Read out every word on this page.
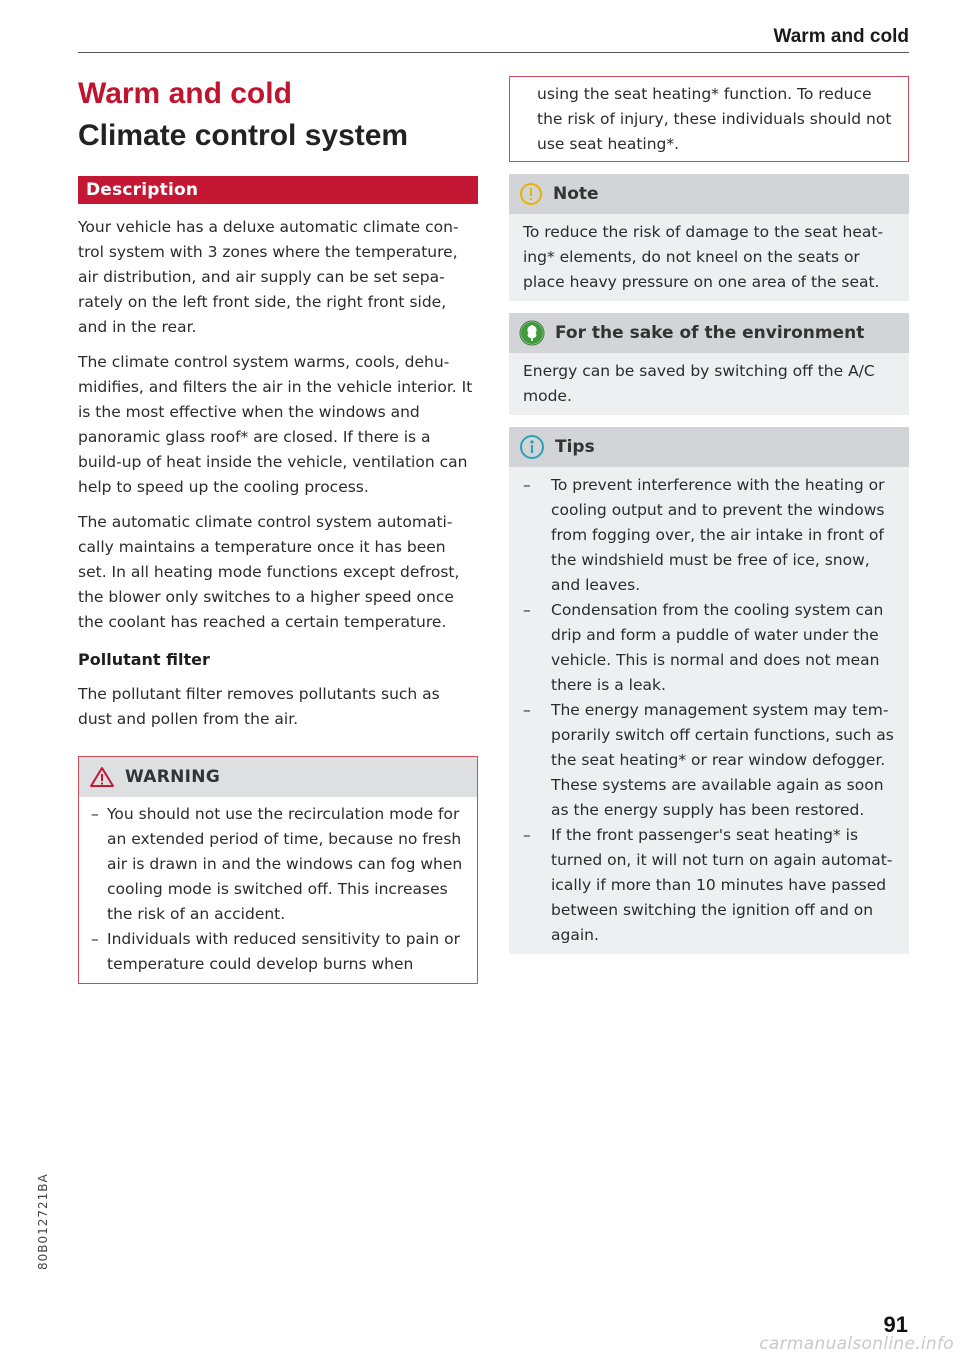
Warm and cold
Warm and cold
Climate control system
Description

Your vehicle has a deluxe automatic climate con-trol system with 3 zones where the temperature, air distribution, and air supply can be set sepa-rately on the left front side, the right front side, and in the rear.

The climate control system warms, cools, dehu-midifies, and filters the air in the vehicle interior. It is the most effective when the windows and panoramic glass roof* are closed. If there is a build-up of heat inside the vehicle, ventilation can help to speed up the cooling process.

The automatic climate control system automati-cally maintains a temperature once it has been set. In all heating mode functions except defrost, the blower only switches to a higher speed once the coolant has reached a certain temperature.

Pollutant filter

The pollutant filter removes pollutants such as dust and pollen from the air.

WARNING
– You should not use the recirculation mode for an extended period of time, because no fresh air is drawn in and the windows can fog when cooling mode is switched off. This increases the risk of an accident.
– Individuals with reduced sensitivity to pain or temperature could develop burns when

using the seat heating* function. To reduce the risk of injury, these individuals should not use seat heating*.

Note

To reduce the risk of damage to the seat heat-ing* elements, do not kneel on the seats or place heavy pressure on one area of the seat.

For the sake of the environment

Energy can be saved by switching off the A/C mode.

Tips
– To prevent interference with the heating or cooling output and to prevent the windows from fogging over, the air intake in front of the windshield must be free of ice, snow, and leaves.
– Condensation from the cooling system can drip and form a puddle of water under the vehicle. This is normal and does not mean there is a leak.
– The energy management system may tem-porarily switch off certain functions, such as the seat heating* or rear window defogger. These systems are available again as soon as the energy supply has been restored.
– If the front passenger's seat heating* is turned on, it will not turn on again automat-ically if more than 10 minutes have passed between switching the ignition off and on again.
80B012721BA
91
carmanualsonline.info
